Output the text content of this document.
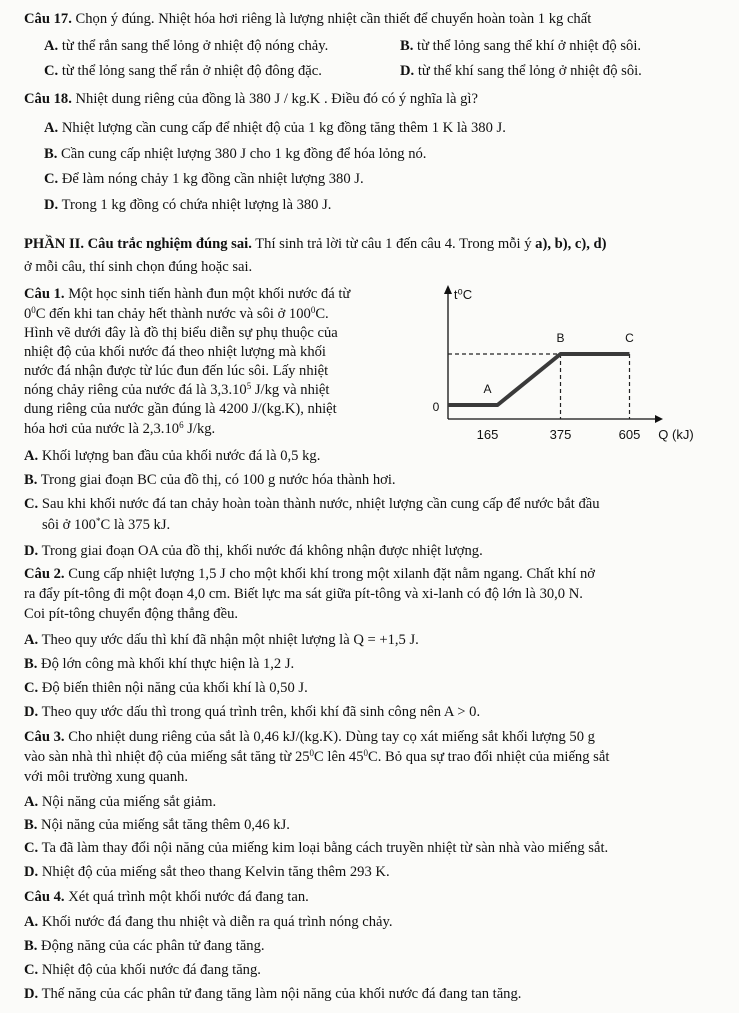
Câu 17. Chọn ý đúng. Nhiệt hóa hơi riêng là lượng nhiệt cần thiết để chuyển hoàn toàn 1 kg chất
A. từ thể rắn sang thể lỏng ở nhiệt độ nóng chảy.	B. từ thể lỏng sang thể khí ở nhiệt độ sôi.
C. từ thể lỏng sang thể rắn ở nhiệt độ đông đặc.	D. từ thể khí sang thể lỏng ở nhiệt độ sôi.
Câu 18. Nhiệt dung riêng của đồng là 380 J / kg.K . Điều đó có ý nghĩa là gì?
A. Nhiệt lượng cần cung cấp để nhiệt độ của 1 kg đồng tăng thêm 1 K là 380 J.
B. Cần cung cấp nhiệt lượng 380 J cho 1 kg đồng để hóa lỏng nó.
C. Để làm nóng chảy 1 kg đồng cần nhiệt lượng 380 J.
D. Trong 1 kg đồng có chứa nhiệt lượng là 380 J.
PHẦN II. Câu trắc nghiệm đúng sai. Thí sinh trả lời từ câu 1 đến câu 4. Trong mỗi ý a), b), c), d)
ở mỗi câu, thí sinh chọn đúng hoặc sai.
Câu 1. Một học sinh tiến hành đun một khối nước đá từ
$0^0C$ đến khi tan chảy hết thành nước và sôi ở $100^0C$.
Hình vẽ dưới đây là đồ thị biểu diễn sự phụ thuộc của
nhiệt độ của khối nước đá theo nhiệt lượng mà khối
nước đá nhận được từ lúc đun đến lúc sôi. Lấy nhiệt
nóng chảy riêng của nước đá là 3,3.10$^5$ J/kg và nhiệt
dung riêng của nước gần đúng là 4200 J/(kg.K), nhiệt
hóa hơi của nước là 2,3.10$^6$ J/kg.
0
t⁰C
A
B	C
165	375	605 Q (kJ)
A. Khối lượng ban đầu của khối nước đá là 0,5 kg.
B. Trong giai đoạn BC của đồ thị, có 100 g nước hóa thành hơi.
C. Sau khi khối nước đá tan chảy hoàn toàn thành nước, nhiệt lượng cần cung cấp để nước bắt đầu
sôi ở 100*C là 375 kJ.
D. Trong giai đoạn OA của đồ thị, khối nước đá không nhận được nhiệt lượng.
Câu 2. Cung cấp nhiệt lượng 1,5 J cho một khối khí trong một xilanh đặt nằm ngang. Chất khí nở
ra đẩy pít-tông đi một đoạn 4,0 cm. Biết lực ma sát giữa pít-tông và xi-lanh có độ lớn là 30,0 N.
Coi pít-tông chuyển động thẳng đều.
A. Theo quy ước dấu thì khí đã nhận một nhiệt lượng là Q = +1,5 J.
B. Độ lớn công mà khối khí thực hiện là 1,2 J.
C. Độ biến thiên nội năng của khối khí là 0,50 J.
D. Theo quy ước dấu thì trong quá trình trên, khối khí đã sinh công nên A > 0.
Câu 3. Cho nhiệt dung riêng của sắt là 0,46 kJ/(kg.K). Dùng tay cọ xát miếng sắt khối lượng 50 g
vào sàn nhà thì nhiệt độ của miếng sắt tăng từ $25^0C$ lên $45^0C$. Bỏ qua sự trao đổi nhiệt của miếng sắt
với môi trường xung quanh.
A. Nội năng của miếng sắt giảm.
B. Nội năng của miếng sắt tăng thêm 0,46 kJ.
C. Ta đã làm thay đổi nội năng của miếng kim loại bằng cách truyền nhiệt từ sàn nhà vào miếng sắt.
D. Nhiệt độ của miếng sắt theo thang Kelvin tăng thêm 293 K.
Câu 4. Xét quá trình một khối nước đá đang tan.
A. Khối nước đá đang thu nhiệt và diễn ra quá trình nóng chảy.
B. Động năng của các phân tử đang tăng.
C. Nhiệt độ của khối nước đá đang tăng.
D. Thế năng của các phân tử đang tăng làm nội năng của khối nước đá đang tan tăng.
